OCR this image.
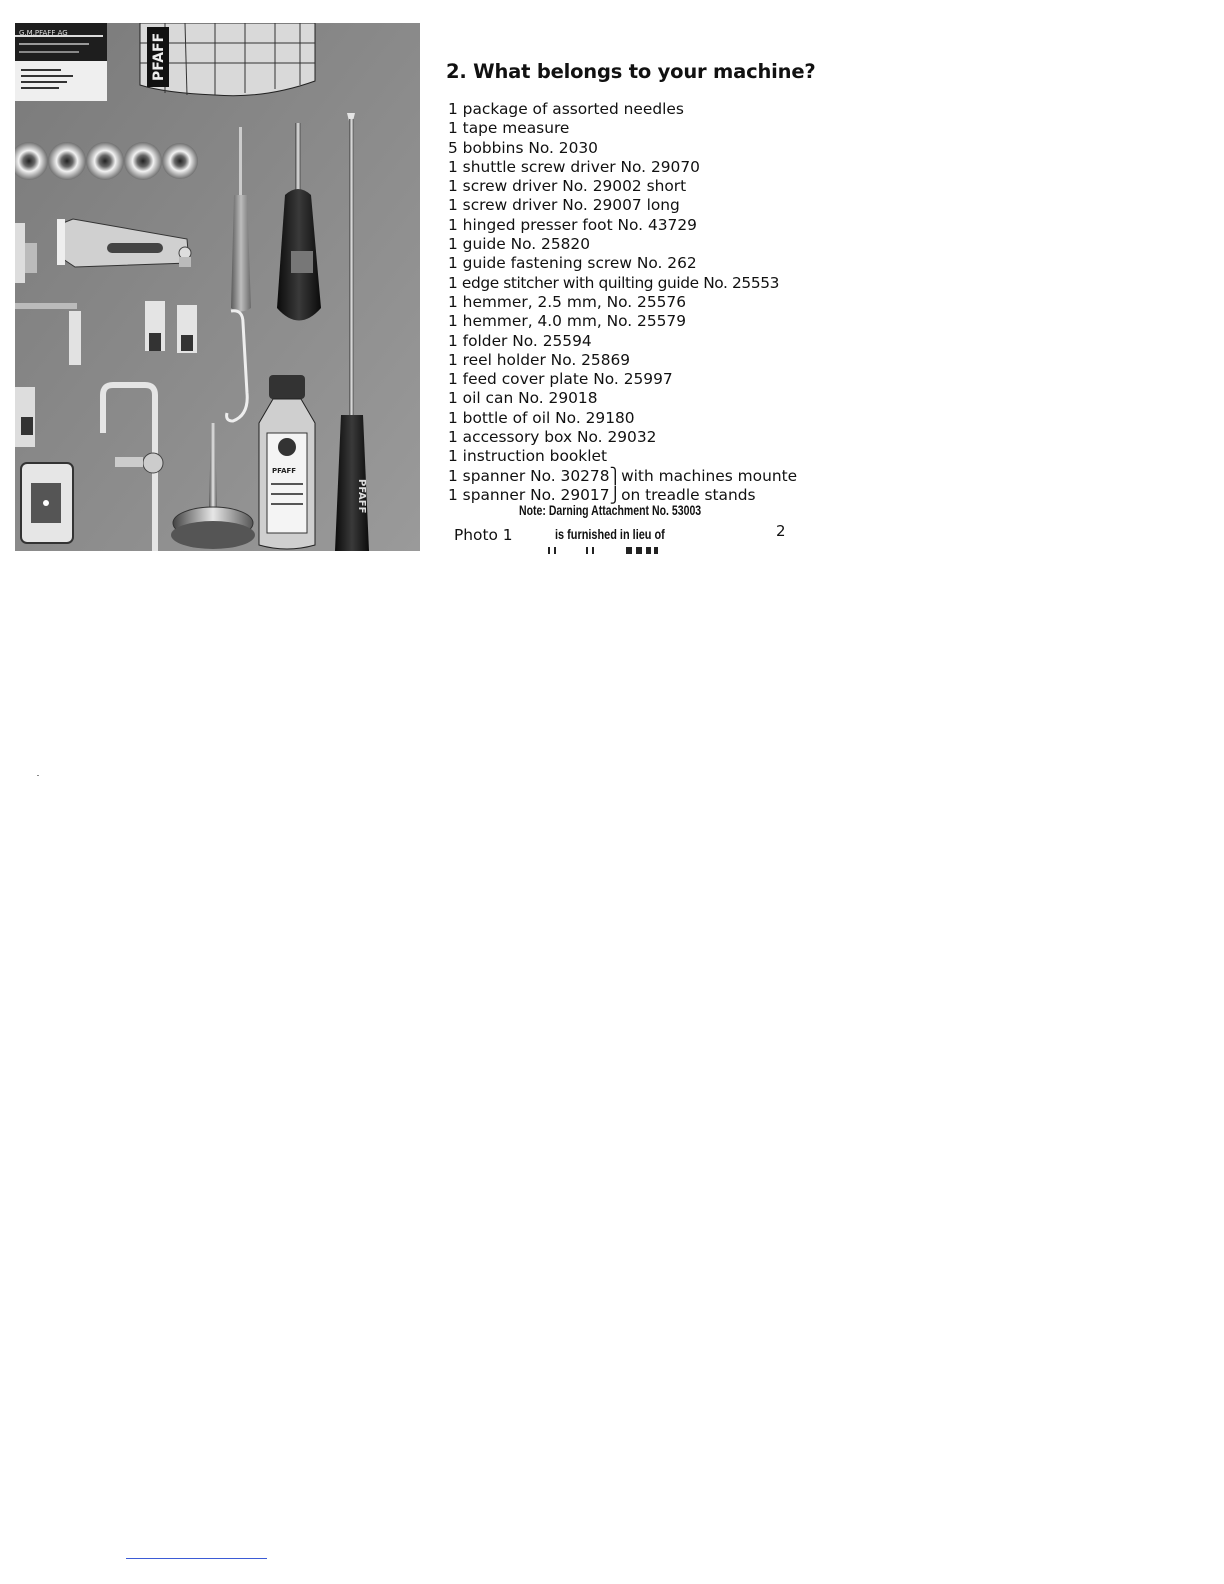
G.M.PFAFF AG	PFAFF
PFAFF
PFAFF
2. What belongs to your machine?
1 package of assorted needles
1 tape measure
5 bobbins No. 2030
1 shuttle screw driver No. 29070
1 screw driver No. 29002 short
1 screw driver No. 29007 long
1 hinged presser foot No. 43729
1 guide No. 25820
1 guide fastening screw No. 262
1 edge stitcher with quilting guide No. 25553
1 hemmer, 2.5 mm, No. 25576
1 hemmer, 4.0 mm, No. 25579
1 folder No. 25594
1 reel holder No. 25869
1 feed cover plate No. 25997
1 oil can No. 29018
1 bottle of oil No. 29180
1 accessory box No. 29032
1 instruction booklet
1 spanner No. 30278⎫with machines mounte
1 spanner No. 29017⎭on treadle stands
Note: Darning Attachment No. 53003
Photo 1	is furnished in lieu of	2
